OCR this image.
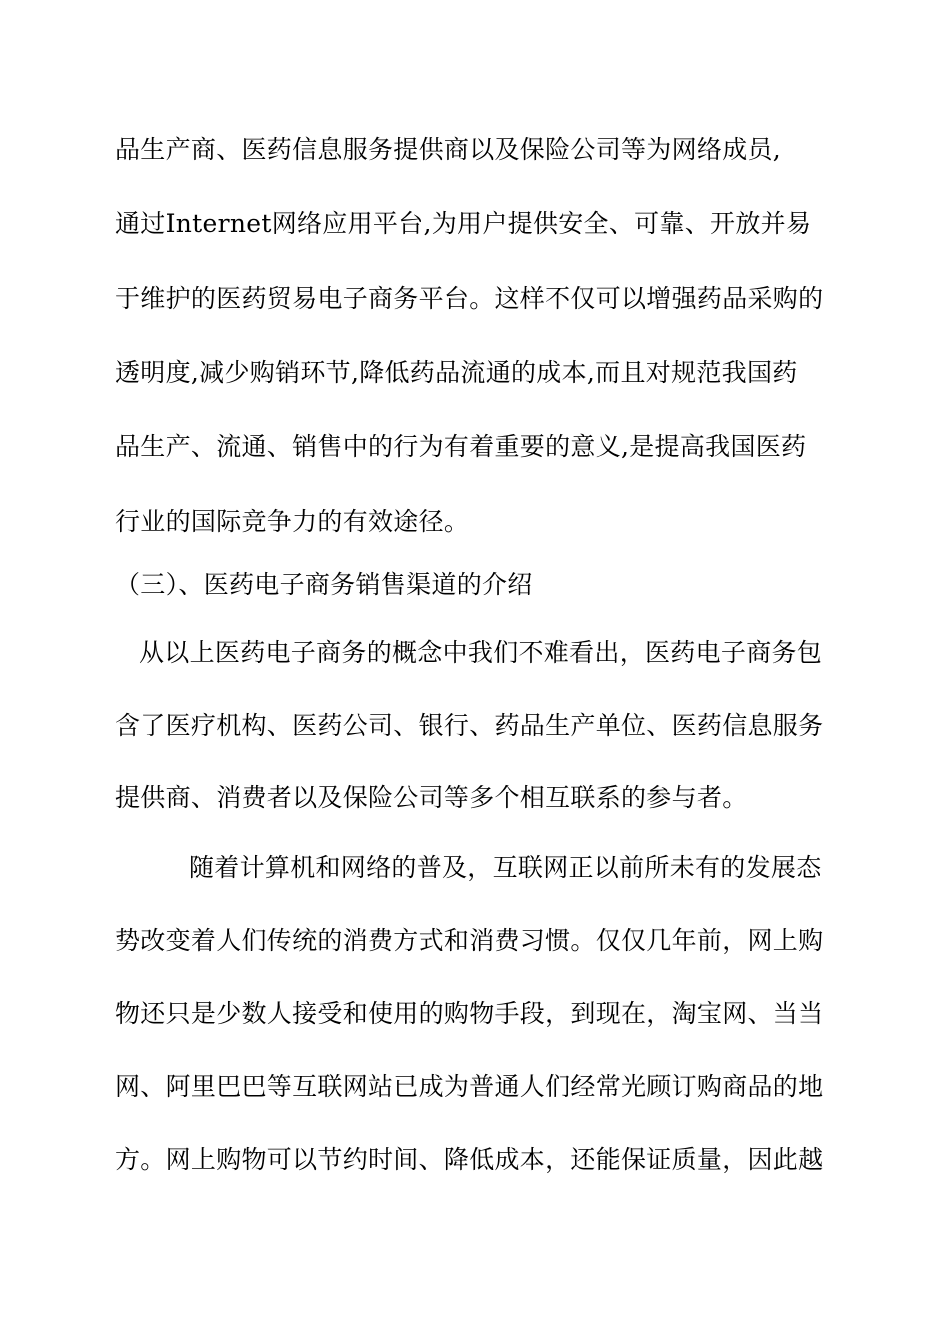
品生产商、医药信息服务提供商以及保险公司等为网络成员,
通过Internet网络应用平台,为用户提供安全、可靠、开放并易
于维护的医药贸易电子商务平台。这样不仅可以增强药品采购的
透明度,减少购销环节,降低药品流通的成本,而且对规范我国药
品生产、流通、销售中的行为有着重要的意义,是提高我国医药
行业的国际竞争力的有效途径。
（三）、医药电子商务销售渠道的介绍
从以上医药电子商务的概念中我们不难看出，医药电子商务包
含了医疗机构、医药公司、银行、药品生产单位、医药信息服务
提供商、消费者以及保险公司等多个相互联系的参与者。
随着计算机和网络的普及，互联网正以前所未有的发展态
势改变着人们传统的消费方式和消费习惯。仅仅几年前，网上购
物还只是少数人接受和使用的购物手段，到现在，淘宝网、当当
网、阿里巴巴等互联网站已成为普通人们经常光顾订购商品的地
方。网上购物可以节约时间、降低成本，还能保证质量，因此越
